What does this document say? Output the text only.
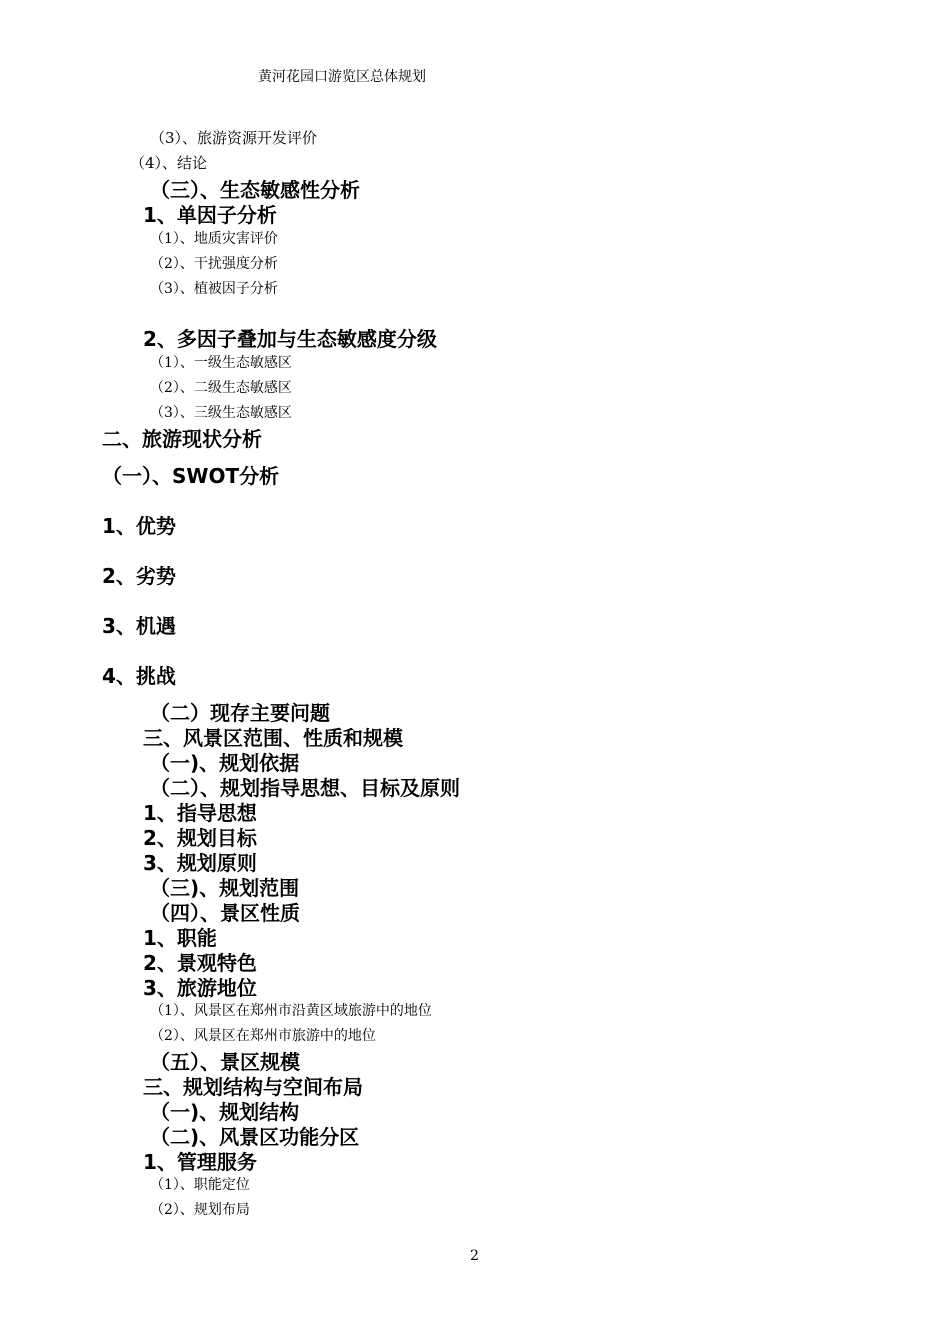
黄河花园口游览区总体规划
（3）、旅游资源开发评价
（4）、结论
（三）、生态敏感性分析
1、单因子分析
（1）、地质灾害评价
（2）、干扰强度分析
（3）、植被因子分析
2、多因子叠加与生态敏感度分级
（1）、一级生态敏感区
（2）、二级生态敏感区
（3）、三级生态敏感区
二、旅游现状分析
（一）、SWOT分析
1、优势
2、劣势
3、机遇
4、挑战
（二）现存主要问题
三、风景区范围、性质和规模
（一)、规划依据
（二）、规划指导思想、目标及原则
1、指导思想
2、规划目标
3、规划原则
（三)、规划范围
（四）、景区性质
1、职能
2、景观特色
3、旅游地位
（1）、风景区在郑州市沿黄区域旅游中的地位
（2）、风景区在郑州市旅游中的地位
（五）、景区规模
三、规划结构与空间布局
（一)、规划结构
（二)、风景区功能分区
1、管理服务
（1）、职能定位
（2）、规划布局
2
